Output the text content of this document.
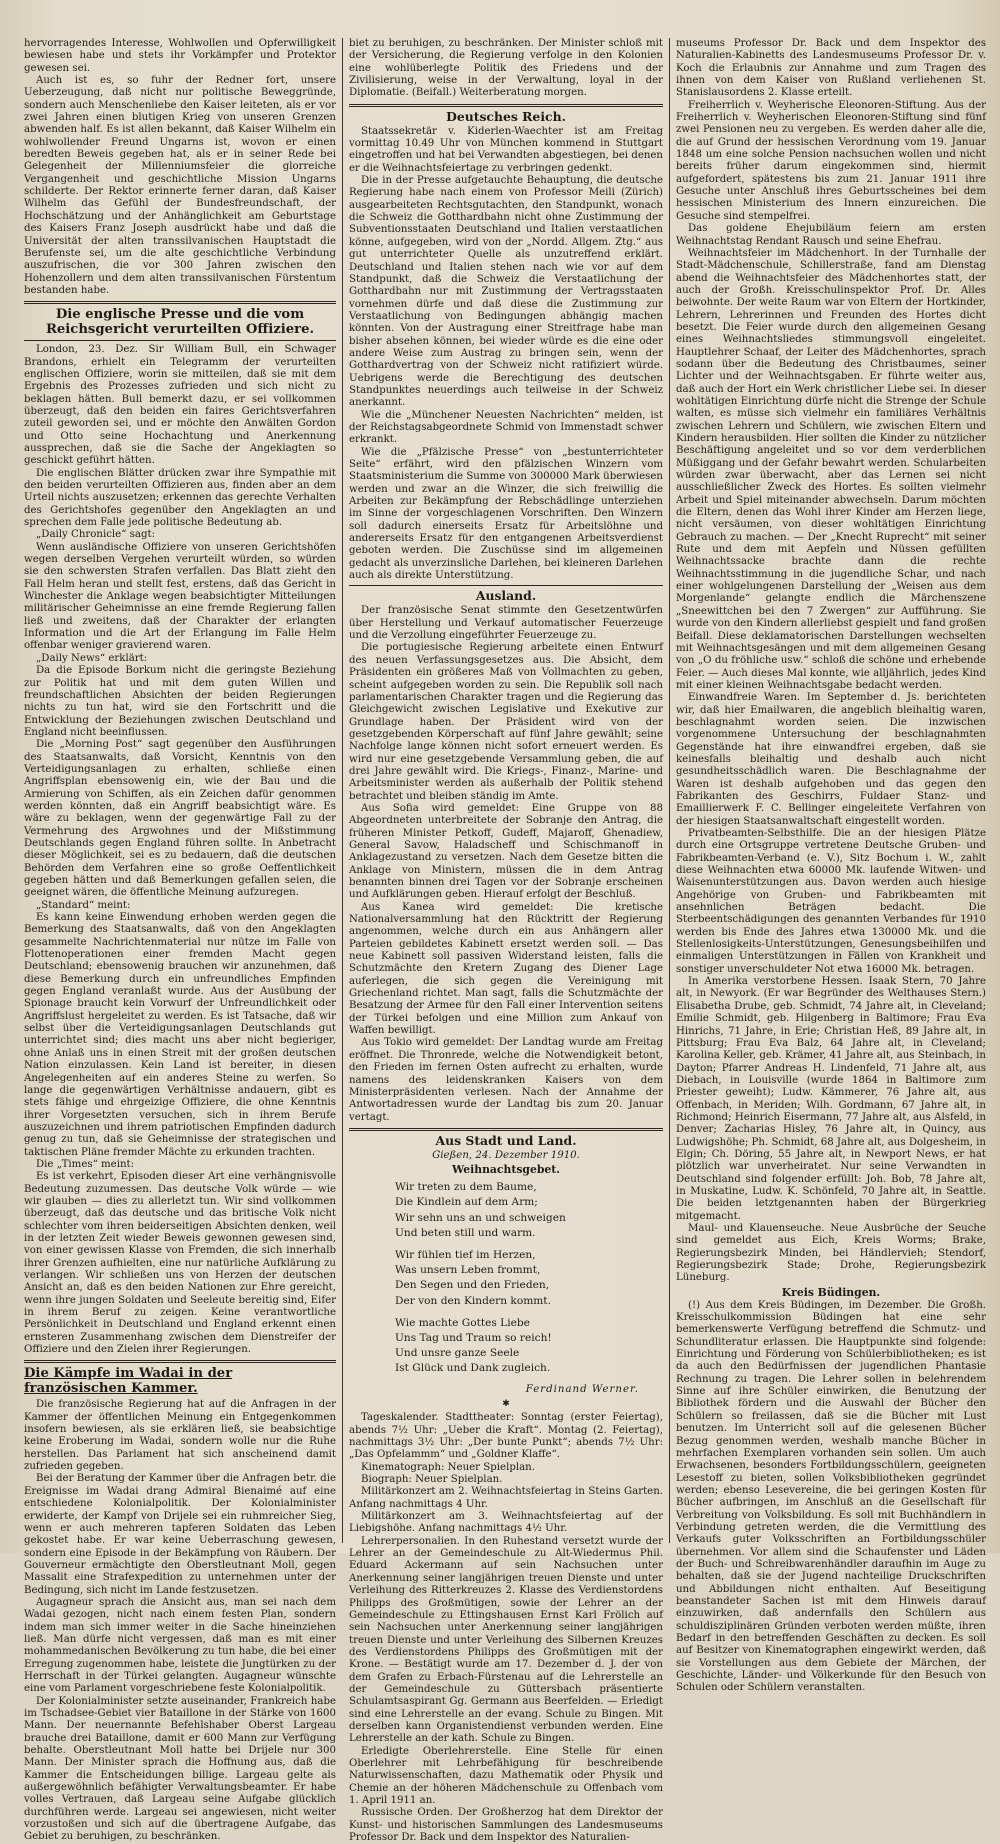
hervorragendes Interesse, Wohlwollen und Opferwilligkeit bewiesen habe und stets ihr Vorkämpfer und Protektor gewesen sei.

Auch ist es, so fuhr der Redner fort, unsere Ueberzeugung, daß nicht nur politische Beweggründe, sondern auch Menschenliebe den Kaiser leiteten, als er vor zwei Jahren einen blutigen Krieg von unseren Grenzen abwenden half. Es ist allen bekannt, daß Kaiser Wilhelm ein wohlwollender Freund Ungarns ist, wovon er einen beredten Beweis gegeben hat, als er in seiner Rede bei Gelegenheit der Millenniumsfeier die glorreiche Vergangenheit und geschichtliche Mission Ungarns schilderte. Der Rektor erinnerte ferner daran, daß Kaiser Wilhelm das Gefühl der Bundesfreundschaft, der Hochschätzung und der Anhänglichkeit am Geburtstage des Kaisers Franz Joseph ausdrückt habe und daß die Universität der alten transsilvanischen Hauptstadt die Berufenste sei, um die alte geschichtliche Verbindung auszufrischen, die vor 300 Jahren zwischen den Hohenzollern und dem alten transsilvanischen Fürstentum bestanden habe.

Die englische Presse und die vom Reichsgericht verurteilten Offiziere.

London, 23. Dez. Sir William Bull, ein Schwager Brandons, erhielt ein Telegramm der verurteilten englischen Offiziere, worin sie mitteilen, daß sie mit dem Ergebnis des Prozesses zufrieden und sich nicht zu beklagen hätten. Bull bemerkt dazu, er sei vollkommen überzeugt, daß den beiden ein faires Gerichtsverfahren zuteil geworden sei, und er möchte den Anwälten Gordon und Otto seine Hochachtung und Anerkennung aussprechen, daß sie die Sache der Angeklagten so geschickt geführt hätten.

Die englischen Blätter drücken zwar ihre Sympathie mit den beiden verurteilten Offizieren aus, finden aber an dem Urteil nichts auszusetzen; erkennen das gerechte Verhalten des Gerichtshofes gegenüber den Angeklagten an und sprechen dem Falle jede politische Bedeutung ab.

„Daily Chronicle“ sagt:

Wenn ausländische Offiziere von unseren Gerichtshöfen wegen derselben Vergehen verurteilt würden, so würden sie den schwersten Strafen verfallen. Das Blatt zieht den Fall Helm heran und stellt fest, erstens, daß das Gericht in Winchester die Anklage wegen beabsichtigter Mitteilungen militärischer Geheimnisse an eine fremde Regierung fallen ließ und zweitens, daß der Charakter der erlangten Information und die Art der Erlangung im Falle Helm offenbar weniger gravierend waren.

„Daily News“ erklärt:

Da die Episode Borkum nicht die geringste Beziehung zur Politik hat und mit dem guten Willen und freundschaftlichen Absichten der beiden Regierungen nichts zu tun hat, wird sie den Fortschritt und die Entwicklung der Beziehungen zwischen Deutschland und England nicht beeinflussen.

Die „Morning Post“ sagt gegenüber den Ausführungen des Staatsanwalts, daß Vorsicht, Kenntnis von den Verteidigungsanlagen zu erhalten, schließe einen Angriffsplan ebensowenig ein, wie der Bau und die Armierung von Schiffen, als ein Zeichen dafür genommen werden könnten, daß ein Angriff beabsichtigt wäre. Es wäre zu beklagen, wenn der gegenwärtige Fall zu der Vermehrung des Argwohnes und der Mißstimmung Deutschlands gegen England führen sollte. In Anbetracht dieser Möglichkeit, sei es zu bedauern, daß die deutschen Behörden dem Verfahren eine so große Oeffentlichkeit gegeben hätten und daß Bemerkungen gefallen seien, die geeignet wären, die öffentliche Meinung aufzuregen.

„Standard“ meint:

Es kann keine Einwendung erhoben werden gegen die Bemerkung des Staatsanwalts, daß von den Angeklagten gesammelte Nachrichtenmaterial nur nütze im Falle von Flottenoperationen einer fremden Macht gegen Deutschland; ebensowenig brauchen wir anzunehmen, daß diese Bemerkung durch ein unfreundliches Empfinden gegen England veranlaßt wurde. Aus der Ausübung der Spionage braucht kein Vorwurf der Unfreundlichkeit oder Angriffslust hergeleitet zu werden. Es ist Tatsache, daß wir selbst über die Verteidigungsanlagen Deutschlands gut unterrichtet sind; dies macht uns aber nicht begieriger, ohne Anlaß uns in einen Streit mit der großen deutschen Nation einzulassen. Kein Land ist bereiter, in diesen Angelegenheiten auf ein anderes Steine zu werfen. So lange die gegenwärtigen Verhältnisse andauern, gibt es stets fähige und ehrgeizige Offiziere, die ohne Kenntnis ihrer Vorgesetzten versuchen, sich in ihrem Berufe auszuzeichnen und ihrem patriotischen Empfinden dadurch genug zu tun, daß sie Geheimnisse der strategischen und taktischen Pläne fremder Mächte zu erkunden trachten.

Die „Times“ meint:

Es ist verkehrt, Episoden dieser Art eine verhängnisvolle Bedeutung zuzumessen. Das deutsche Volk würde — wie wir glauben — dies zu allerletzt tun. Wir sind vollkommen überzeugt, daß das deutsche und das britische Volk nicht schlechter vom ihren beiderseitigen Absichten denken, weil in der letzten Zeit wieder Beweis gewonnen gewesen sind, von einer gewissen Klasse von Fremden, die sich innerhalb ihrer Grenzen aufhielten, eine nur natürliche Aufklärung zu verlangen. Wir schließen uns von Herzen der deutschen Ansicht an, daß es den beiden Nationen zur Ehre gereicht, wenn ihre jungen Soldaten und Seeleute bereitig sind, Eifer in ihrem Beruf zu zeigen. Keine verantwortliche Persönlichkeit in Deutschland und England erkennt einen ernsteren Zusammenhang zwischen dem Dienstreifer der Offiziere und den Zielen ihrer Regierungen.

Die Kämpfe im Wadai in der französischen Kammer.

Die französische Regierung hat auf die Anfragen in der Kammer der öffentlichen Meinung ein Entgegenkommen insofern bewiesen, als sie erklären ließ, sie beabsichtige keine Eroberung im Wadai, sondern wolle nur die Ruhe herstellen. Das Parlament hat sich anscheinend damit zufrieden gegeben.

Bei der Beratung der Kammer über die Anfragen betr. die Ereignisse im Wadai drang Admiral Bienaimé auf eine entschiedene Kolonialpolitik. Der Kolonialminister erwiderte, der Kampf von Drijele sei ein ruhmreicher Sieg, wenn er auch mehreren tapferen Soldaten das Leben gekostet habe. Er war keine Ueberraschung gewesen, sondern eine Episode in der Bekämpfung von Räubern. Der Gouverneur ermächtigte den Oberstleutnant Moll, gegen Massalit eine Strafexpedition zu unternehmen unter der Bedingung, sich nicht im Lande festzusetzen.

Augagneur sprach die Ansicht aus, man sei nach dem Wadai gezogen, nicht nach einem festen Plan, sondern indem man sich immer weiter in die Sache hineinziehen ließ. Man dürfe nicht vergessen, daß man es mit einer mohammedanischen Bevölkerung zu tun habe, die bei einer Erregung zugenommen habe, leistete die Jungtürken zu der Herrschaft in der Türkei gelangten. Augagneur wünschte eine vom Parlament vorgeschriebene feste Kolonialpolitik.

Der Kolonialminister setzte auseinander, Frankreich habe im Tschadsee-Gebiet vier Bataillone in der Stärke von 1600 Mann. Der neuernannte Befehlshaber Oberst Largeau brauche drei Bataillone, damit er 600 Mann zur Verfügung behalte. Oberstleutnant Moll hatte bei Drijele nur 300 Mann. Der Minister sprach die Hoffnung aus, daß die Kammer die Entscheidungen billige. Largeau gelte als außergewöhnlich befähigter Verwaltungsbeamter. Er habe volles Vertrauen, daß Largeau seine Aufgabe glücklich durchführen werde. Largeau sei angewiesen, nicht weiter vorzustoßen und sich auf die übertragene Aufgabe, das Gebiet zu beruhigen, zu beschränken.

biet zu beruhigen, zu beschränken. Der Minister schloß mit der Versicherung, die Regierung verfolge in den Kolonien eine wohlüberlegte Politik des Friedens und der Zivilisierung, weise in der Verwaltung, loyal in der Diplomatie. (Beifall.) Weiterberatung morgen.

Deutsches Reich.

Staatssekretär v. Kiderlen-Waechter ist am Freitag vormittag 10.49 Uhr von München kommend in Stuttgart eingetroffen und hat bei Verwandten abgestiegen, bei denen er die Weihnachtsfeiertage zu verbringen gedenkt.

Die in der Presse aufgetauchte Behauptung, die deutsche Regierung habe nach einem von Professor Meili (Zürich) ausgearbeiteten Rechtsgutachten, den Standpunkt, wonach die Schweiz die Gotthardbahn nicht ohne Zustimmung der Subventionsstaaten Deutschland und Italien verstaatlichen könne, aufgegeben, wird von der „Nordd. Allgem. Ztg.“ aus gut unterrichteter Quelle als unzutreffend erklärt. Deutschland und Italien stehen nach wie vor auf dem Standpunkt, daß die Schweiz die Verstaatlichung der Gotthardbahn nur mit Zustimmung der Vertragsstaaten vornehmen dürfe und daß diese die Zustimmung zur Verstaatlichung von Bedingungen abhängig machen könnten. Von der Austragung einer Streitfrage habe man bisher absehen können, bei wieder würde es die eine oder andere Weise zum Austrag zu bringen sein, wenn der Gotthardvertrag von der Schweiz nicht ratifiziert würde. Uebrigens werde die Berechtigung des deutschen Standpunktes neuerdings auch teilweise in der Schweiz anerkannt.

Wie die „Münchener Neuesten Nachrichten“ melden, ist der Reichstagsabgeordnete Schmid von Immenstadt schwer erkrankt.

Wie die „Pfälzische Presse“ von „bestunterrichteter Seite“ erfährt, wird den pfälzischen Winzern vom Staatsministerium die Summe von 300000 Mark überwiesen werden und zwar an die Winzer, die sich freiwillig die Arbeiten zur Bekämpfung der Rebschädlinge unterziehen im Sinne der vorgeschlagenen Vorschriften. Den Winzern soll dadurch einerseits Ersatz für Arbeitslöhne und andererseits Ersatz für den entgangenen Arbeitsverdienst geboten werden. Die Zuschüsse sind im allgemeinen gedacht als unverzinsliche Darlehen, bei kleineren Darlehen auch als direkte Unterstützung.

Ausland.

Der französische Senat stimmte den Gesetzentwürfen über Herstellung und Verkauf automatischer Feuerzeuge und die Verzollung eingeführter Feuerzeuge zu.

Die portugiesische Regierung arbeitete einen Entwurf des neuen Verfassungsgesetzes aus. Die Absicht, dem Präsidenten ein größeres Maß von Vollmachten zu geben, scheint aufgegeben worden zu sein. Die Republik soll nach parlamentarischen Charakter tragen und die Regierung das Gleichgewicht zwischen Legislative und Exekutive zur Grundlage haben. Der Präsident wird von der gesetzgebenden Körperschaft auf fünf Jahre gewählt; seine Nachfolge lange können nicht sofort erneuert werden. Es wird nur eine gesetzgebende Versammlung geben, die auf drei Jahre gewählt wird. Die Kriegs-, Finanz-, Marine- und Arbeitsminister werden als außerhalb der Politik stehend betrachtet und bleiben ständig im Amte.

Aus Sofia wird gemeldet: Eine Gruppe von 88 Abgeordneten unterbreitete der Sobranje den Antrag, die früheren Minister Petkoff, Gudeff, Majaroff, Ghenadiew, General Savow, Haladscheff und Schischmanoff in Anklagezustand zu versetzen. Nach dem Gesetze bitten die Anklage von Ministern, müssen die in dem Antrag benannten binnen drei Tagen vor der Sobranje erscheinen und Aufklärungen geben. Hierauf erfolgt der Beschluß.

Aus Kanea wird gemeldet: Die kretische Nationalversammlung hat den Rücktritt der Regierung angenommen, welche durch ein aus Anhängern aller Parteien gebildetes Kabinett ersetzt werden soll. — Das neue Kabinett soll passiven Widerstand leisten, falls die Schutzmächte den Kretern Zugang des Diener Lage auferlegen, die sich gegen die Vereinigung mit Griechenland richtet. Man sagt, falls die Schutzmächte der Besatzung der Armee für den Fall einer Intervention seitens der Türkei befolgen und eine Million zum Ankauf von Waffen bewilligt.

Aus Tokio wird gemeldet: Der Landtag wurde am Freitag eröffnet. Die Thronrede, welche die Notwendigkeit betont, den Frieden im fernen Osten aufrecht zu erhalten, wurde namens des leidenskranken Kaisers von dem Ministerpräsidenten verlesen. Nach der Annahme der Antwortadressen wurde der Landtag bis zum 20. Januar vertagt.

Aus Stadt und Land.
Gießen, 24. Dezember 1910.
Weihnachtsgebet.
Wir treten zu dem Baume,
Die Kindlein auf dem Arm;
Wir sehn uns an und schweigen
Und beten still und warm.
Wir fühlen tief im Herzen,
Was unsern Leben frommt,
Den Segen und den Frieden,
Der von den Kindern kommt.
Wie machte Gottes Liebe
Uns Tag und Traum so reich!
Und unsre ganze Seele
Ist Glück und Dank zugleich.
Ferdinand Werner.
✱

Tageskalender. Stadttheater: Sonntag (erster Feiertag), abends 7½ Uhr: „Ueber die Kraft“. Montag (2. Feiertag), nachmittags 3½ Uhr: „Der bunte Punkt“; abends 7½ Uhr: „Das Opfelammm“ und „Goldner Klaffe“.

Kinematograph: Neuer Spielplan.

Biograph: Neuer Spielplan.

Militärkonzert am 2. Weihnachtsfeiertag in Steins Garten. Anfang nachmittags 4 Uhr.

Militärkonzert am 3. Weihnachtsfeiertag auf der Liebigshöhe. Anfang nachmittags 4½ Uhr.

Lehrerpersonalien. In den Ruhestand versetzt wurde der Lehrer an der Gemeindeschule zu Alt-Wiedermus Phil. Eduard Ackermann auf sein Nachsuchen unter Anerkennung seiner langjährigen treuen Dienste und unter Verleihung des Ritterkreuzes 2. Klasse des Verdienstordens Philipps des Großmütigen, sowie der Lehrer an der Gemeindeschule zu Ettingshausen Ernst Karl Frölich auf sein Nachsuchen unter Anerkennung seiner langjährigen treuen Dienste und unter Verleihung des Silbernen Kreuzes des Verdienstordens Philipps des Großmütigen mit der Krone. — Bestätigt wurde am 17. Dezember d. J. der von dem Grafen zu Erbach-Fürstenau auf die Lehrerstelle an der Gemeindeschule zu Güttersbach präsentierte Schulamtsaspirant Gg. Germann aus Beerfelden. — Erledigt sind eine Lehrerstelle an der evang. Schule zu Bingen. Mit derselben kann Organistendienst verbunden werden. Eine Lehrerstelle an der kath. Schule zu Bingen.

Erledigte Oberlehrerstelle. Eine Stelle für einen Oberlehrer mit Lehrbefähigung für beschreibende Naturwissenschaften, dazu Mathematik oder Physik und Chemie an der höheren Mädchenschule zu Offenbach vom 1. April 1911 an.

Russische Orden. Der Großherzog hat dem Direktor der Kunst- und historischen Sammlungen des Landesmuseums Professor Dr. Back und dem Inspektor des Naturalien-

museums Professor Dr. Back und dem Inspektor des Naturalien-Kabinetts des Landesmuseums Professor Dr. v. Koch die Erlaubnis zur Annahme und zum Tragen des ihnen von dem Kaiser von Rußland verliehenen St. Stanislausordens 2. Klasse erteilt.

Freiherrlich v. Weyherische Eleonoren-Stiftung. Aus der Freiherrlich v. Weyherischen Eleonoren-Stiftung sind fünf zwei Pensionen neu zu vergeben. Es werden daher alle die, die auf Grund der hessischen Verordnung vom 19. Januar 1848 um eine solche Pension nachsuchen wollen und nicht bereits früher darum eingekommen sind, hiermit aufgefordert, spätestens bis zum 21. Januar 1911 ihre Gesuche unter Anschluß ihres Geburtsscheines bei dem hessischen Ministerium des Innern einzureichen. Die Gesuche sind stempelfrei.

Das goldene Ehejubiläum feiern am ersten Weihnachtstag Rendant Rausch und seine Ehefrau.

Weihnachtsfeier im Mädchenhort. In der Turnhalle der Stadt-Mädchenschule, Schillerstraße, fand am Dienstag abend die Weihnachtsfeier des Mädchenhortes statt, der auch der Großh. Kreisschulinspektor Prof. Dr. Alles beiwohnte. Der weite Raum war von Eltern der Hortkinder, Lehrern, Lehrerinnen und Freunden des Hortes dicht besetzt. Die Feier wurde durch den allgemeinen Gesang eines Weihnachtsliedes stimmungsvoll eingeleitet. Hauptlehrer Schaaf, der Leiter des Mädchenhortes, sprach sodann über die Bedeutung des Christbaumes, seiner Lichter und der Weihnachtsgaben. Er führte weiter aus, daß auch der Hort ein Werk christlicher Liebe sei. In dieser wohltätigen Einrichtung dürfe nicht die Strenge der Schule walten, es müsse sich vielmehr ein familiäres Verhältnis zwischen Lehrern und Schülern, wie zwischen Eltern und Kindern herausbilden. Hier sollten die Kinder zu nützlicher Beschäftigung angeleitet und so vor dem verderblichen Müßiggang und der Gefahr bewahrt werden. Schularbeiten würden zwar überwacht, aber das Lernen sei nicht ausschließlicher Zweck des Hortes. Es sollten vielmehr Arbeit und Spiel miteinander abwechseln. Darum möchten die Eltern, denen das Wohl ihrer Kinder am Herzen liege, nicht versäumen, von dieser wohltätigen Einrichtung Gebrauch zu machen. — Der „Knecht Ruprecht“ mit seiner Rute und dem mit Aepfeln und Nüssen gefüllten Weihnachtssacke brachte dann die rechte Weihnachtsstimmung in die jugendliche Schar, und nach einer wohlgelungenen Darstellung der „Weisen aus dem Morgenlande“ gelangte endlich die Märchenszene „Sneewittchen bei den 7 Zwergen“ zur Aufführung. Sie wurde von den Kindern allerliebst gespielt und fand großen Beifall. Diese deklamatorischen Darstellungen wechselten mit Weihnachtsgesängen und mit dem allgemeinen Gesang von „O du fröhliche usw.“ schloß die schöne und erhebende Feier. — Auch dieses Mal konnte, wie alljährlich, jedes Kind mit einer kleinen Weihnachtsgabe bedacht werden.

Einwandfreie Waren. Im September d. Js. berichteten wir, daß hier Emailwaren, die angeblich bleihaltig waren, beschlagnahmt worden seien. Die inzwischen vorgenommene Untersuchung der beschlagnahmten Gegenstände hat ihre einwandfrei ergeben, daß sie keinesfalls bleihaltig und deshalb auch nicht gesundheitsschädlich waren. Die Beschlagnahme der Waren ist deshalb aufgehoben und das gegen den Fabrikanten des Geschirrs, Fuldaer Stanz- und Emaillierwerk F. C. Bellinger eingeleitete Verfahren von der hiesigen Staatsanwaltschaft eingestellt worden.

Privatbeamten-Selbsthilfe. Die an der hiesigen Plätze durch eine Ortsgruppe vertretene Deutsche Gruben- und Fabrikbeamten-Verband (e. V.), Sitz Bochum i. W., zahlt diese Weihnachten etwa 60000 Mk. laufende Witwen- und Waisenunterstützungen aus. Davon werden auch hiesige Angehörige von Gruben- und Fabrikbeamten mit ansehnlichen Beträgen bedacht. Die Sterbeentschädigungen des genannten Verbandes für 1910 werden bis Ende des Jahres etwa 130000 Mk. und die Stellenlosigkeits-Unterstützungen, Genesungsbeihilfen und einmaligen Unterstützungen in Fällen von Krankheit und sonstiger unverschuldeter Not etwa 16000 Mk. betragen.

In Amerika verstorbene Hessen. Isaak Stern, 70 Jahre alt, in Newyork. (Er war Begründer des Welthauses Stern.) Elisabetha Drube, geb. Schmidt, 74 Jahre alt, in Cleveland; Emilie Schmidt, geb. Hilgenberg in Baltimore; Frau Eva Hinrichs, 71 Jahre, in Erie; Christian Heß, 89 Jahre alt, in Pittsburg; Frau Eva Balz, 64 Jahre alt, in Cleveland; Karolina Keller, geb. Krämer, 41 Jahre alt, aus Steinbach, in Dayton; Pfarrer Andreas H. Lindenfeld, 71 Jahre alt, aus Diebach, in Louisville (wurde 1864 in Baltimore zum Priester geweiht); Ludw. Kämmerer, 76 Jahre alt, aus Offenbach, in Meriden; Wilh. Gordmann, 67 Jahre alt, in Richmond; Heinrich Eisermann, 77 Jahre alt, aus Alsfeld, in Denver; Zacharias Hisley, 76 Jahre alt, in Quincy, aus Ludwigshöhe; Ph. Schmidt, 68 Jahre alt, aus Dolgesheim, in Elgin; Ch. Döring, 55 Jahre alt, in Newport News, er hat plötzlich war unverheiratet. Nur seine Verwandten in Deutschland sind folgender erfüllt: Joh. Bob, 78 Jahre alt, in Muskatine, Ludw. K. Schönfeld, 70 Jahre alt, in Seattle. Die beiden letztgenannten haben der Bürgerkrieg mitgemacht.

Maul- und Klauenseuche. Neue Ausbrüche der Seuche sind gemeldet aus Eich, Kreis Worms; Brake, Regierungsbezirk Minden, bei Händlervieh; Stendorf, Regierungsbezirk Stade; Drohe, Regierungsbezirk Lüneburg.

Kreis Büdingen.

(!) Aus dem Kreis Büdingen, im Dezember. Die Großh. Kreisschulkommission Büdingen hat eine sehr bemerkenswerte Verfügung betreffend die Schmutz- und Schundliteratur erlassen. Die Hauptpunkte sind folgende: Einrichtung und Förderung von Schülerbibliotheken; es ist da auch den Bedürfnissen der jugendlichen Phantasie Rechnung zu tragen. Die Lehrer sollen in belehrendem Sinne auf ihre Schüler einwirken, die Benutzung der Bibliothek fördern und die Auswahl der Bücher den Schülern so freilassen, daß sie die Bücher mit Lust benutzen. Im Unterricht soll auf die gelesenen Bücher Bezug genommen werden, weshalb manche Bücher in mehrfachen Exemplaren vorhanden sein sollen. Um auch Erwachsenen, besonders Fortbildungsschülern, geeigneten Lesestoff zu bieten, sollen Volksbibliotheken gegründet werden; ebenso Lesevereine, die bei geringen Kosten für Bücher aufbringen, im Anschluß an die Gesellschaft für Verbreitung von Volksbildung. Es soll mit Buchhändlern in Verbindung getreten werden, die die Vermittlung des Verkaufs guter Volksschriften an Fortbildungsschüler übernehmen. Vor allem sind die Schaufenster und Läden der Buch- und Schreibwarenhändler daraufhin im Auge zu behalten, daß sie der Jugend nachteilige Druckschriften und Abbildungen nicht enthalten. Auf Beseitigung beanstandeter Sachen ist mit dem Hinweis darauf einzuwirken, daß andernfalls den Schülern aus schuldisziplinären Gründen verboten werden müßte, ihren Bedarf in den betreffenden Geschäften zu decken. Es soll auf Besitzer von Kinematographen eingewirkt werden, daß sie Vorstellungen aus dem Gebiete der Märchen, der Geschichte, Länder- und Völkerkunde für den Besuch von Schulen oder Schülern veranstalten.
